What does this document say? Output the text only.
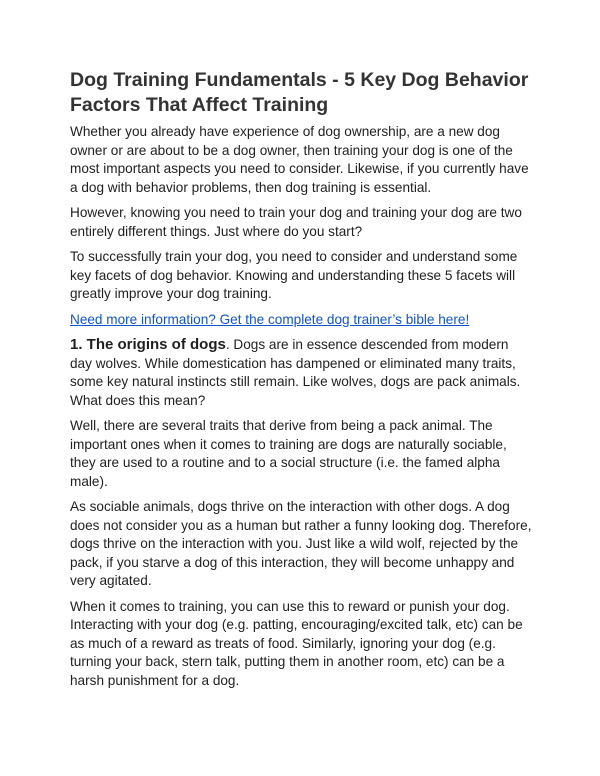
Dog Training Fundamentals - 5 Key Dog Behavior Factors That Affect Training

Whether you already have experience of dog ownership, are a new dog owner or are about to be a dog owner, then training your dog is one of the most important aspects you need to consider. Likewise, if you currently have a dog with behavior problems, then dog training is essential.

However, knowing you need to train your dog and training your dog are two entirely different things. Just where do you start?

To successfully train your dog, you need to consider and understand some key facets of dog behavior. Knowing and understanding these 5 facets will greatly improve your dog training.

Need more information? Get the complete dog trainer’s bible here!

1. The origins of dogs. Dogs are in essence descended from modern day wolves. While domestication has dampened or eliminated many traits, some key natural instincts still remain. Like wolves, dogs are pack animals. What does this mean?

Well, there are several traits that derive from being a pack animal. The important ones when it comes to training are dogs are naturally sociable, they are used to a routine and to a social structure (i.e. the famed alpha male).

As sociable animals, dogs thrive on the interaction with other dogs. A dog does not consider you as a human but rather a funny looking dog. Therefore, dogs thrive on the interaction with you. Just like a wild wolf, rejected by the pack, if you starve a dog of this interaction, they will become unhappy and very agitated.

When it comes to training, you can use this to reward or punish your dog. Interacting with your dog (e.g. patting, encouraging/excited talk, etc) can be as much of a reward as treats of food. Similarly, ignoring your dog (e.g. turning your back, stern talk, putting them in another room, etc) can be a harsh punishment for a dog.
